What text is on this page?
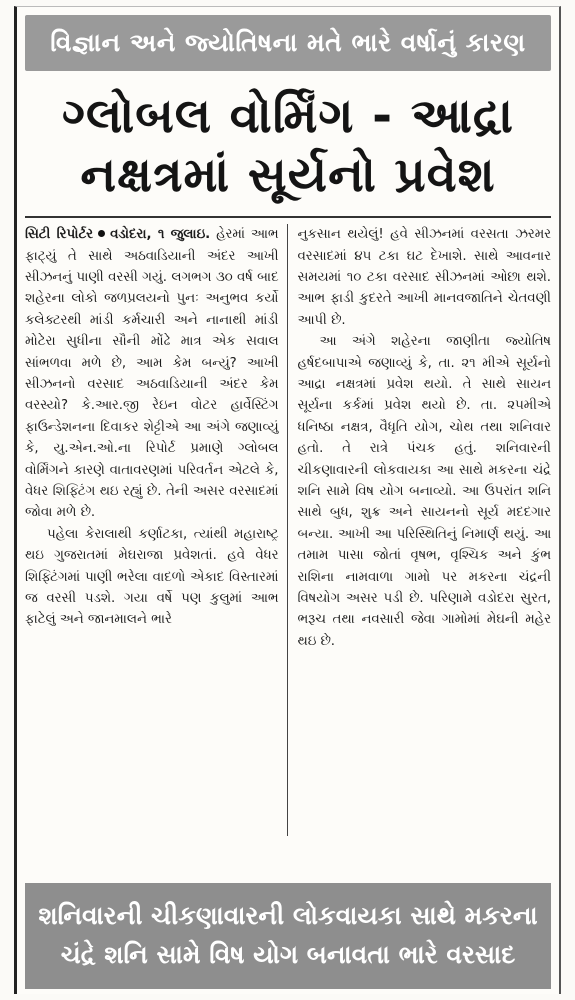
વિજ્ઞાન અને જ્યોતિષના મતે ભારે વર્ષાનું કારણ
ગ્લોબલ વોર્મિંગ - આદ્રા
નક્ષત્રમાં સૂર્યનો પ્રવેશ

સિટી રિપોર્ટર વડોદરા, ૧ જુલાઇ. હેરમાં આભ ફાટ્યું તે સાથે અઠવાડિયાની અંદર આખી સીઝનનું પાણી વરસી ગયું. લગભગ ૩૦ વર્ષ બાદ શહેરના લોકો જળપ્રલયનો પુનઃ અનુભવ કર્યો કલેક્ટરથી માંડી કર્મચારી અને નાનાથી માંડી મોટેરા સુધીના સૌની મોંઢે માત્ર એક સવાલ સાંભળવા મળે છે, આમ કેમ બન્યું? આખી સીઝનનો વરસાદ અઠવાડિયાની અંદર કેમ વરસ્યો? કે.આર.જી રેઇન વોટર હાર્વેસ્ટિંગ ફાઉન્ડેશનના દિવાકર શેટ્ટીએ આ અંગે જણાવ્યું કે, યુ.એન.ઓ.ના રિપોર્ટ પ્રમાણે ગ્લોબલ વોર્મિંગને કારણે વાતાવરણમાં પરિવર્તન એટલે કે, વેધર શિફ્ટિંગ થઇ રહ્યું છે. તેની અસર વરસાદમાં જોવા મળે છે.

પહેલા કેરાલાથી કર્ણાટકા, ત્યાંથી મહારાષ્ટ્ર થઇ ગુજરાતમાં મેઘરાજા પ્રવેશતાં. હવે વેધર શિફ્ટિંગમાં પાણી ભરેલા વાદળો એકાદ વિસ્તારમાં જ વરસી પડશે. ગયા વર્ષે પણ કુલુમાં આભ ફાટેલું અને જાનમાલને ભારે

નુકસાન થયેલું! હવે સીઝનમાં વરસતા ઝરમર વરસાદમાં ૪૫ ટકા ઘટ દેખાશે. સાથે આવનાર સમયમાં ૧૦ ટકા વરસાદ સીઝનમાં ઓછા થશે. આભ ફાડી કુદરતે આખી માનવજાતિને ચેતવણી આપી છે.

આ અંગે શહેરના જાણીતા જ્યોતિષ હર્ષદબાપાએ જણાવ્યું કે, તા. ૨૧ મીએ સૂર્યનો આદ્રા નક્ષત્રમાં પ્રવેશ થયો. તે સાથે સાયન સૂર્યના કર્કમાં પ્રવેશ થયો છે. તા. ૨૫મીએ ધનિષ્ઠા નક્ષત્ર, વૈધૃતિ યોગ, ચોથ તથા શનિવાર હતો. તે રાત્રે પંચક હતું. શનિવારની ચીકણાવારની લોકવાયકા આ સાથે મકરના ચંદ્રે શનિ સામે વિષ યોગ બનાવ્યો. આ ઉપરાંત શનિ સાથે બુધ, શુક્ર અને સાયનનો સૂર્ય મદદગાર બન્યા. આખી આ પરિસ્થિતિનું નિમાર્ણ થયું. આ તમામ પાસા જોતાં વૃષભ, વૃશ્ચિક અને કુંભ રાશિના નામવાળા ગામો પર મકરના ચંદ્રની વિષયોગ અસર પડી છે. પરિણામે વડોદરા સુરત, ભરૂચ તથા નવસારી જેવા ગામોમાં મેઘની મહેર થઇ છે.

શનિવારની ચીકણાવારની લોકવાયકા સાથે મકરના
ચંદ્રે શનિ સામે વિષ યોગ બનાવતા ભારે વરસાદ
